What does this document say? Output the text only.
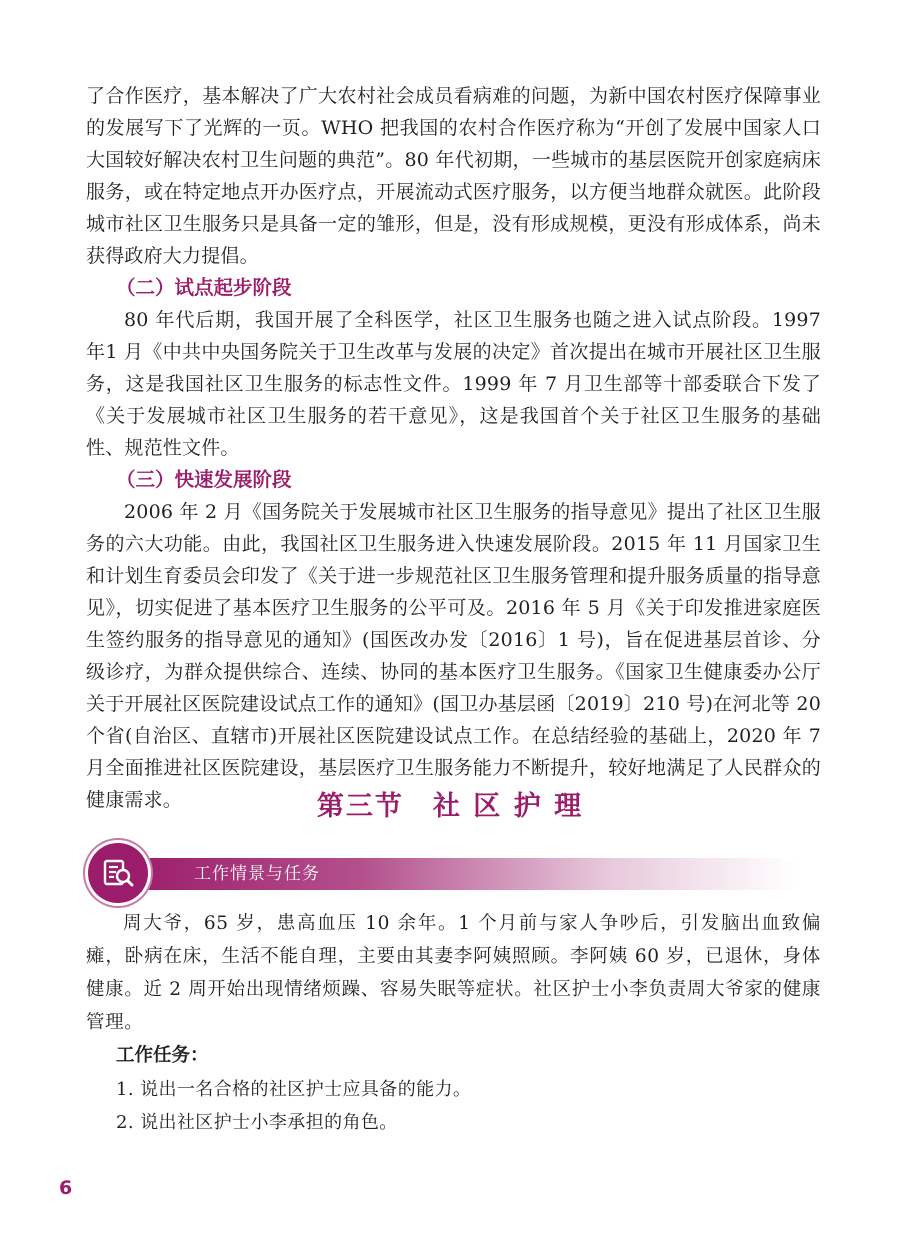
了合作医疗，基本解决了广大农村社会成员看病难的问题，为新中国农村医疗保障事业的发展写下了光辉的一页。WHO 把我国的农村合作医疗称为“开创了发展中国家人口大国较好解决农村卫生问题的典范”。80 年代初期，一些城市的基层医院开创家庭病床服务，或在特定地点开办医疗点，开展流动式医疗服务，以方便当地群众就医。此阶段城市社区卫生服务只是具备一定的雏形，但是，没有形成规模，更没有形成体系，尚未获得政府大力提倡。

（二）试点起步阶段

80 年代后期，我国开展了全科医学，社区卫生服务也随之进入试点阶段。1997 年1 月《中共中央国务院关于卫生改革与发展的决定》首次提出在城市开展社区卫生服务，这是我国社区卫生服务的标志性文件。1999 年 7 月卫生部等十部委联合下发了《关于发展城市社区卫生服务的若干意见》，这是我国首个关于社区卫生服务的基础性、规范性文件。

（三）快速发展阶段

2006 年 2 月《国务院关于发展城市社区卫生服务的指导意见》提出了社区卫生服务的六大功能。由此，我国社区卫生服务进入快速发展阶段。2015 年 11 月国家卫生和计划生育委员会印发了《关于进一步规范社区卫生服务管理和提升服务质量的指导意见》，切实促进了基本医疗卫生服务的公平可及。2016 年 5 月《关于印发推进家庭医生签约服务的指导意见的通知》(国医改办发〔2016〕1 号)，旨在促进基层首诊、分级诊疗，为群众提供综合、连续、协同的基本医疗卫生服务。《国家卫生健康委办公厅关于开展社区医院建设试点工作的通知》(国卫办基层函〔2019〕210 号)在河北等 20 个省(自治区、直辖市)开展社区医院建设试点工作。在总结经验的基础上，2020 年 7 月全面推进社区医院建设，基层医疗卫生服务能力不断提升，较好地满足了人民群众的健康需求。	第三节　社 区 护 理
工作情景与任务

周大爷，65 岁，患高血压 10 余年。1 个月前与家人争吵后，引发脑出血致偏瘫，卧病在床，生活不能自理，主要由其妻李阿姨照顾。李阿姨 60 岁，已退休，身体健康。近 2 周开始出现情绪烦躁、容易失眠等症状。社区护士小李负责周大爷家的健康管理。

工作任务：

1. 说出一名合格的社区护士应具备的能力。

2. 说出社区护士小李承担的角色。

6
